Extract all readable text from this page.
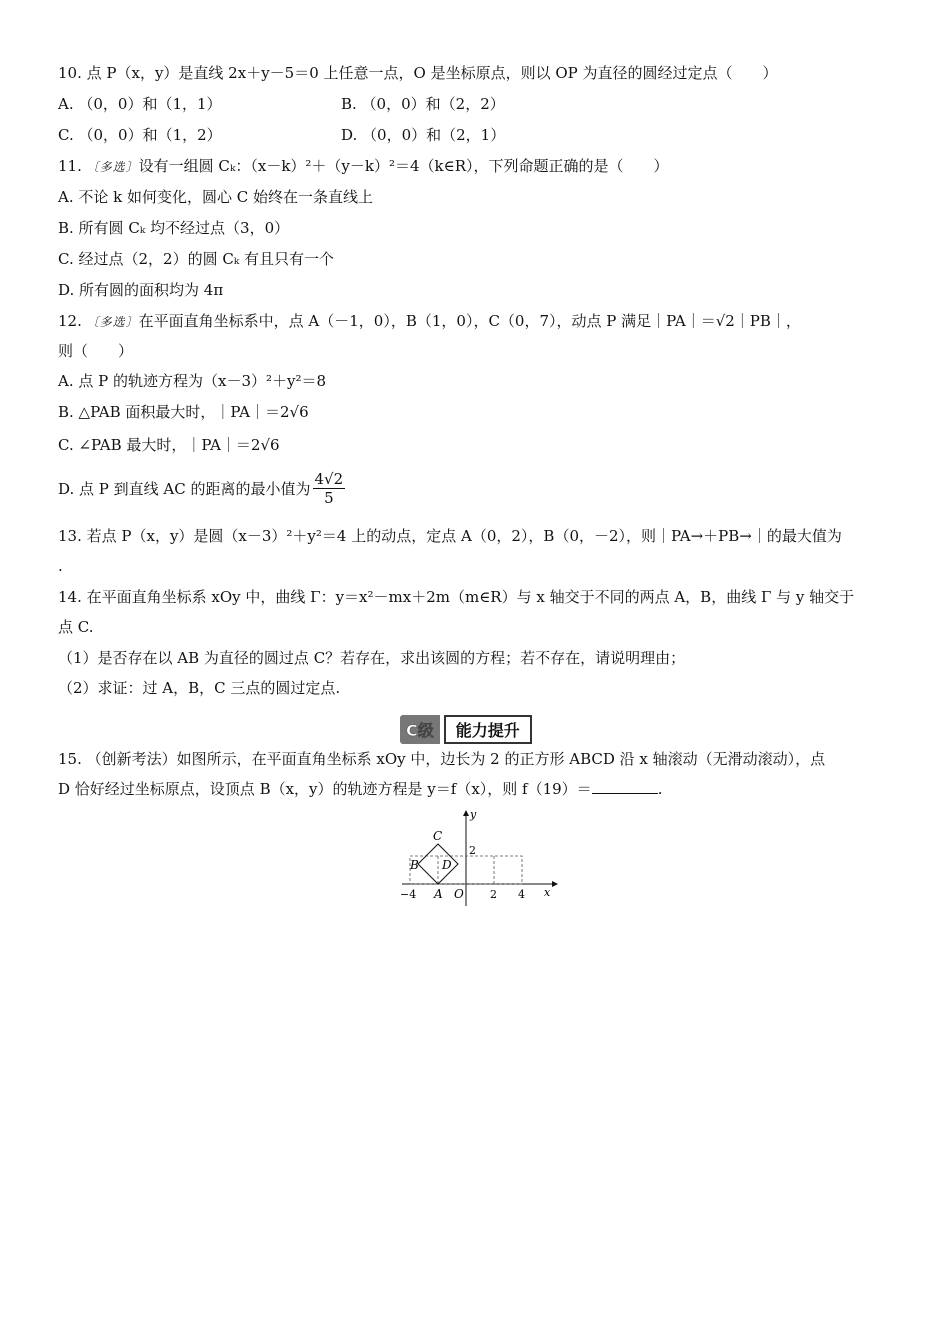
10. 点 P（x，y）是直线 2x＋y－5＝0 上任意一点，O 是坐标原点，则以 OP 为直径的圆经过定点（　　）
A. （0，0）和（1，1）	B. （0，0）和（2，2）
C. （0，0）和（1，2）	D. （0，0）和（2，1）
11. 〔多选〕设有一组圆 Cₖ：（x－k）²＋（y－k）²＝4（k∈R），下列命题正确的是（　　）
A. 不论 k 如何变化，圆心 C 始终在一条直线上
B. 所有圆 Cₖ 均不经过点（3，0）
C. 经过点（2，2）的圆 Cₖ 有且只有一个
D. 所有圆的面积均为 4π
12. 〔多选〕在平面直角坐标系中，点 A（－1，0），B（1，0），C（0，7），动点 P 满足｜PA｜＝√2｜PB｜，
则（　　）
A. 点 P 的轨迹方程为（x－3）²＋y²＝8
B. △PAB 面积最大时，｜PA｜＝2√6
C. ∠PAB 最大时，｜PA｜＝2√6
D. 点 P 到直线 AC 的距离的最小值为 $\frac{4√2}{5}$
13. 若点 P（x，y）是圆（x－3）²＋y²＝4 上的动点，定点 A（0，2），B（0，－2），则｜PA→＋PB→｜的最大值为
.
14. 在平面直角坐标系 xOy 中，曲线 Γ：y＝x²－mx＋2m（m∈R）与 x 轴交于不同的两点 A，B，曲线 Γ 与 y 轴交于
点 C.
（1）是否存在以 AB 为直径的圆过点 C？若存在，求出该圆的方程；若不存在，请说明理由；
（2）求证：过 A，B，C 三点的圆过定点.
C级	能力提升
15. （创新考法）如图所示，在平面直角坐标系 xOy 中，边长为 2 的正方形 ABCD 沿 x 轴滚动（无滑动滚动），点
D 恰好经过坐标原点，设顶点 B（x，y）的轨迹方程是 y＝f（x），则 f（19）＝	.
C
B D
A O
y
x
2
−4	2 4
